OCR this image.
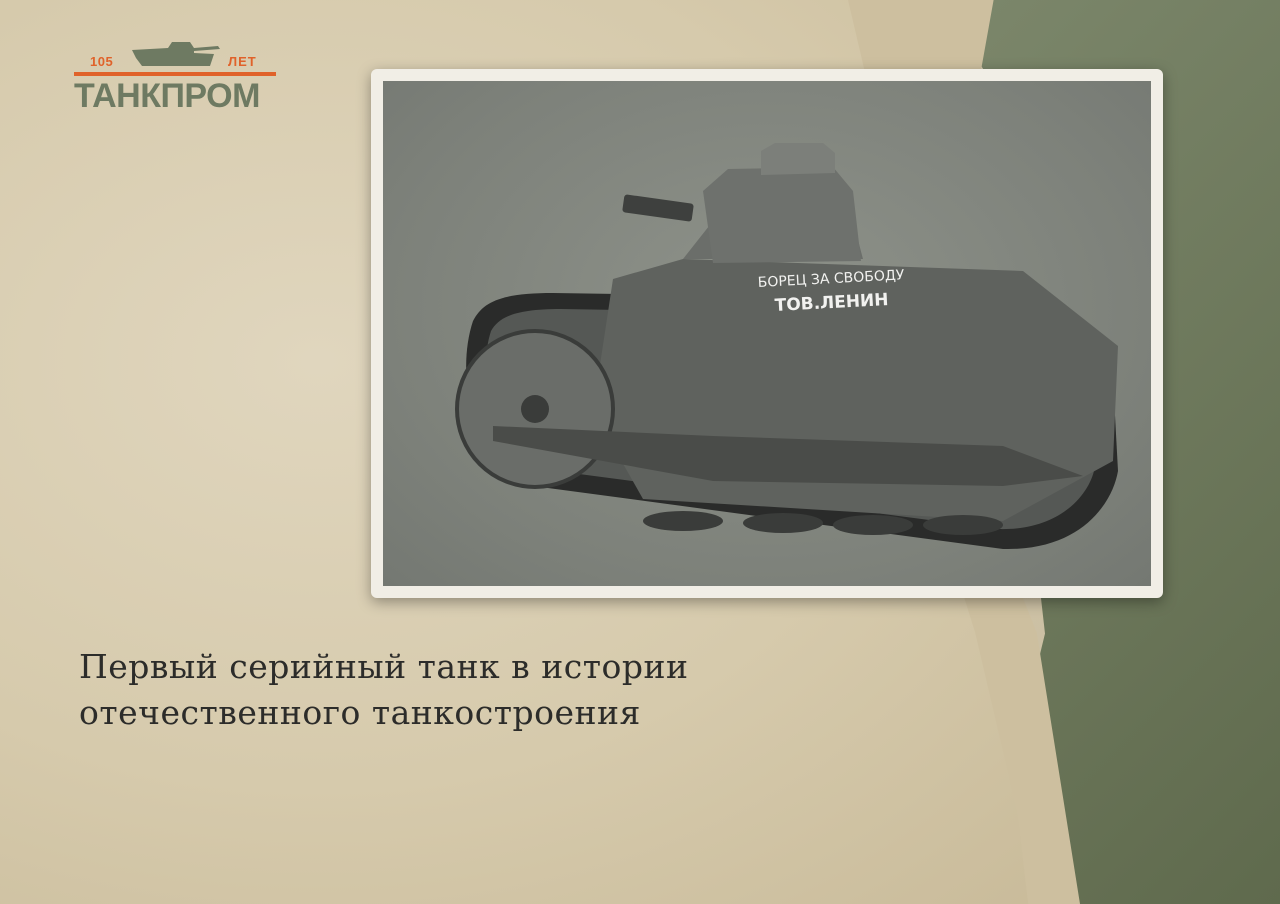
105	ЛЕТ
ТАНКПРОМ
БОРЕЦ ЗА СВОБОДУ
ТОВ.ЛЕНИН
Первый серийный танк в истории
отечественного танкостроения
